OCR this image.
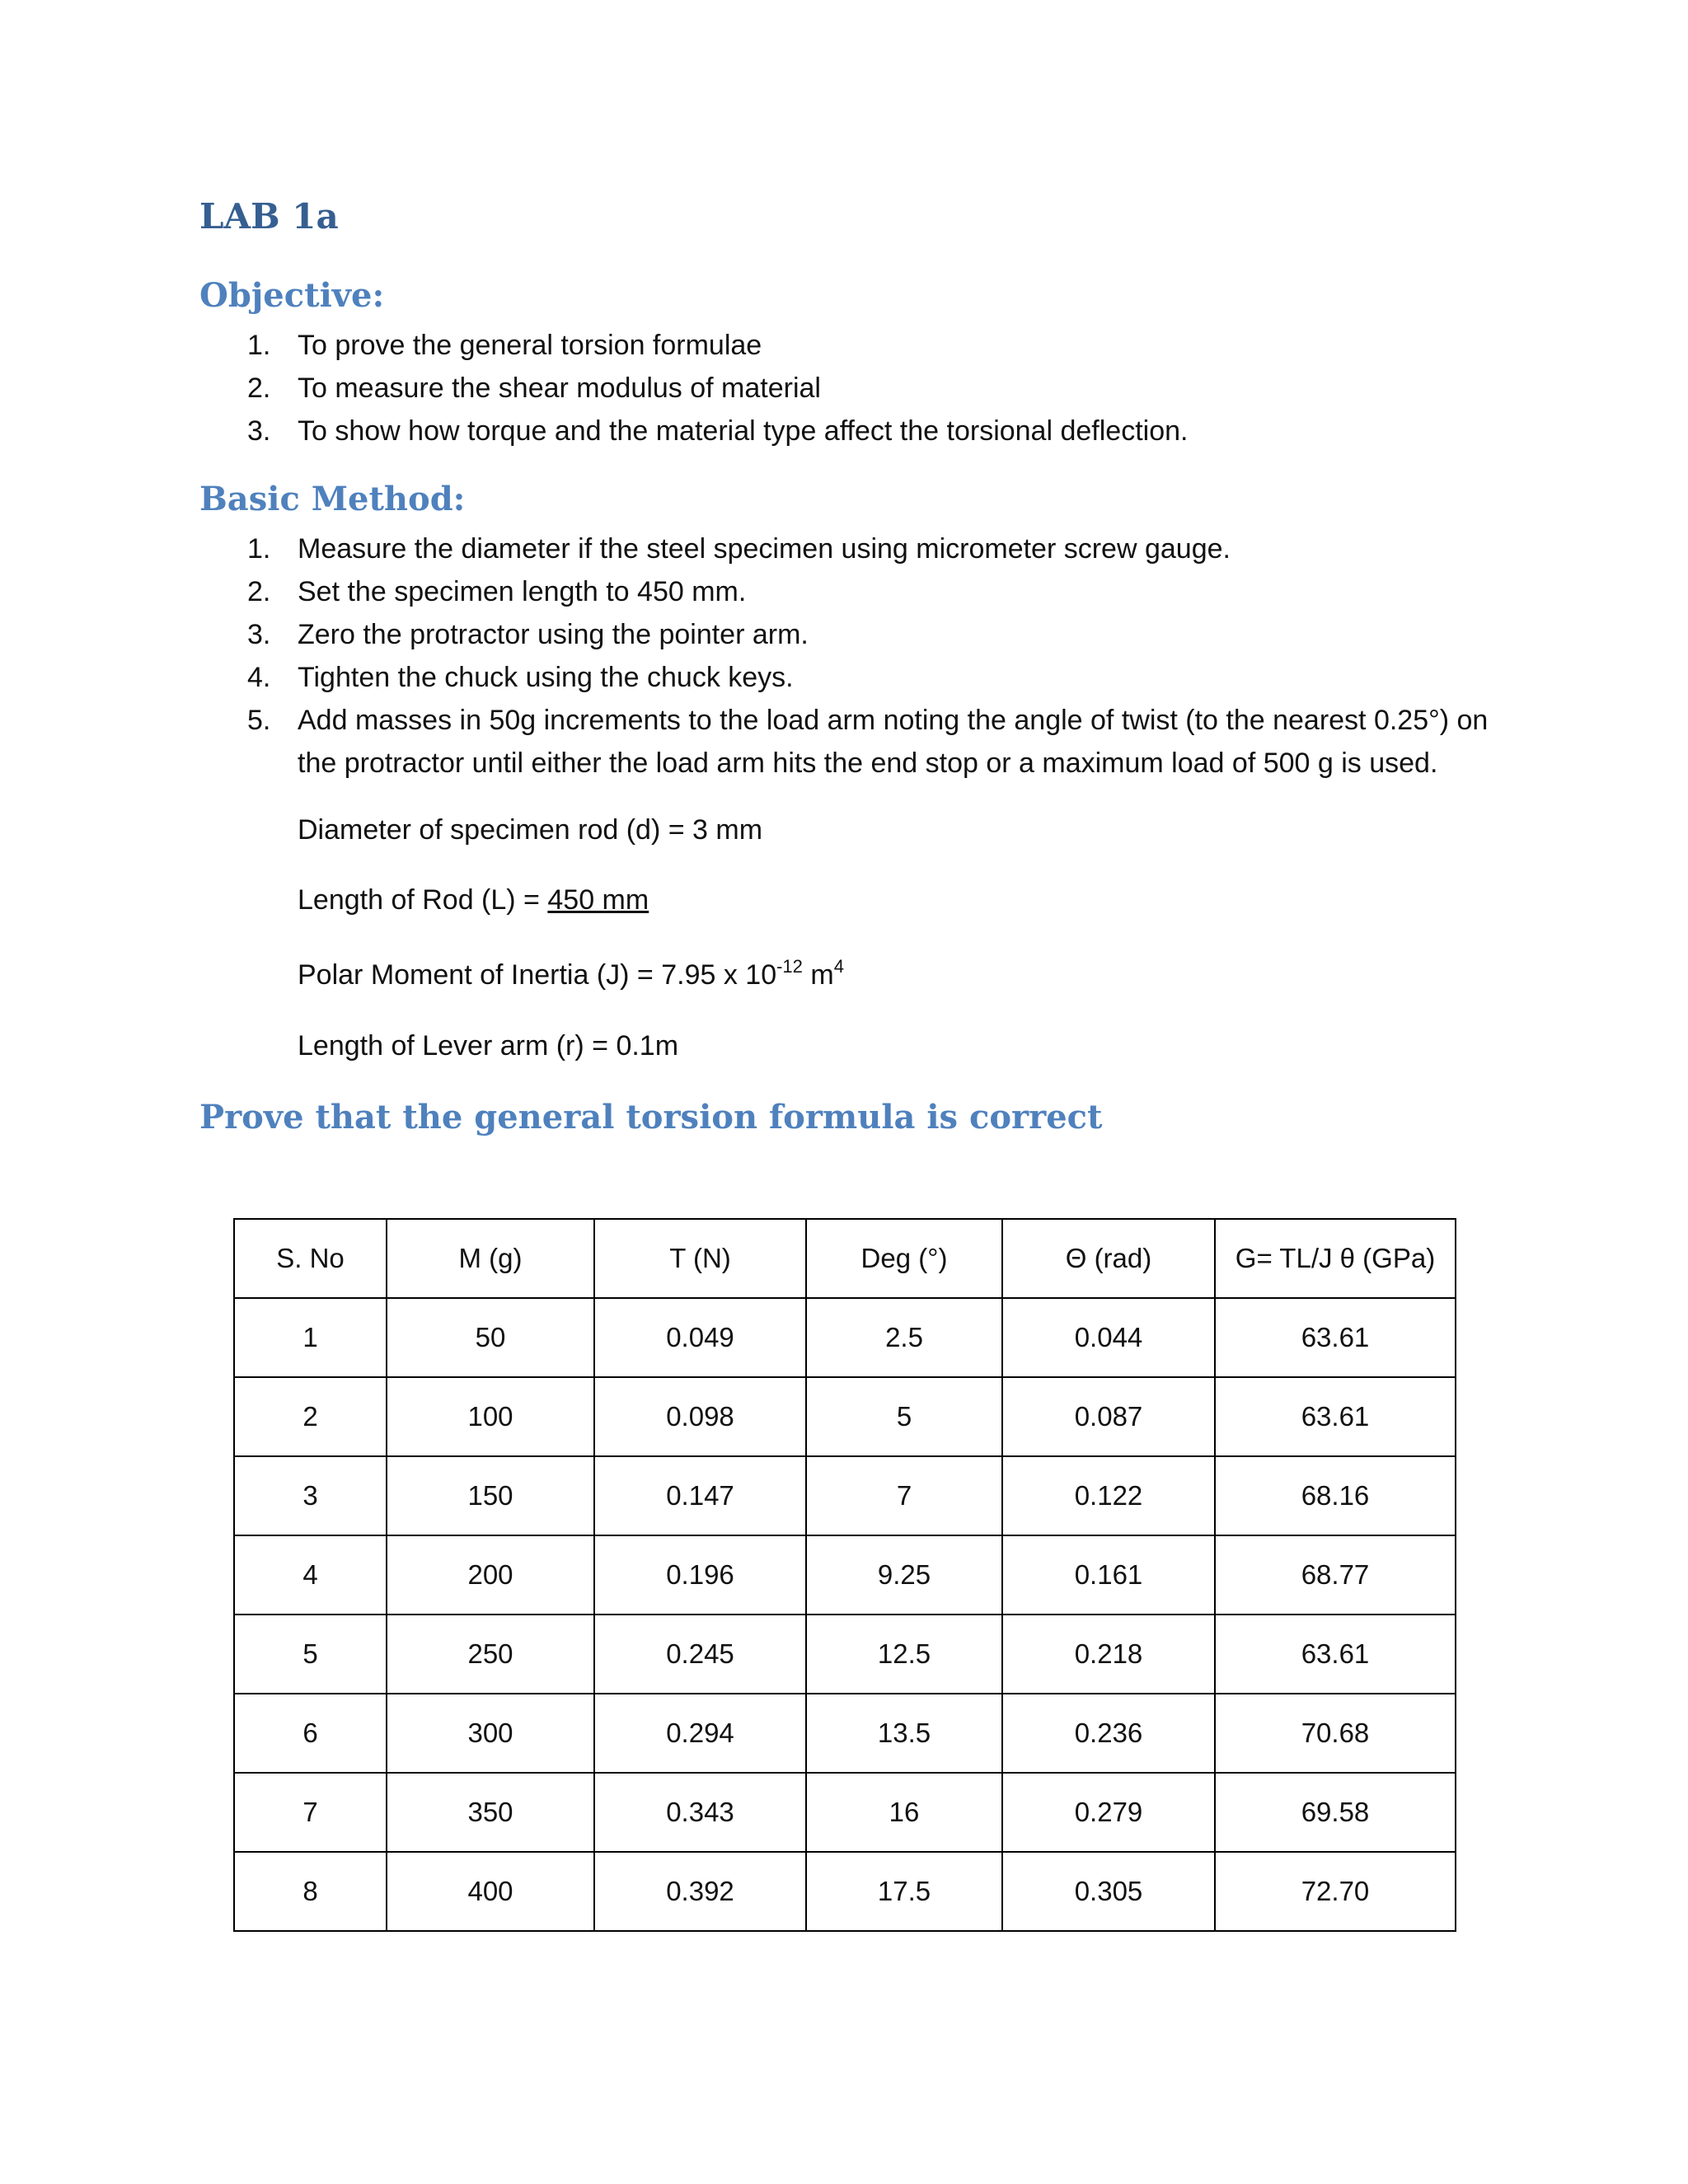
LAB 1a
Objective:
1. To prove the general torsion formulae
2. To measure the shear modulus of material
3. To show how torque and the material type affect the torsional deflection.
Basic Method:
1. Measure the diameter if the steel specimen using micrometer screw gauge.
2. Set the specimen length to 450 mm.
3. Zero the protractor using the pointer arm.
4. Tighten the chuck using the chuck keys.
5. Add masses in 50g increments to the load arm noting the angle of twist (to the nearest 0.25°) on the protractor until either the load arm hits the end stop or a maximum load of 500 g is used.

Diameter of specimen rod (d) = 3 mm

Length of Rod (L) = 450 mm

Polar Moment of Inertia (J) = 7.95 x $10^{-12}$ $m^4$

Length of Lever arm (r) = 0.1m

Prove that the general torsion formula is correct
S. No	M (g)	T (N)	Deg (°)	Θ (rad)	G= TL/J θ (GPa)
1	50	0.049	2.5	0.044	63.61
2	100	0.098	5	0.087	63.61
3	150	0.147	7	0.122	68.16
4	200	0.196	9.25	0.161	68.77
5	250	0.245	12.5	0.218	63.61
6	300	0.294	13.5	0.236	70.68
7	350	0.343	16	0.279	69.58
8	400	0.392	17.5	0.305	72.70
